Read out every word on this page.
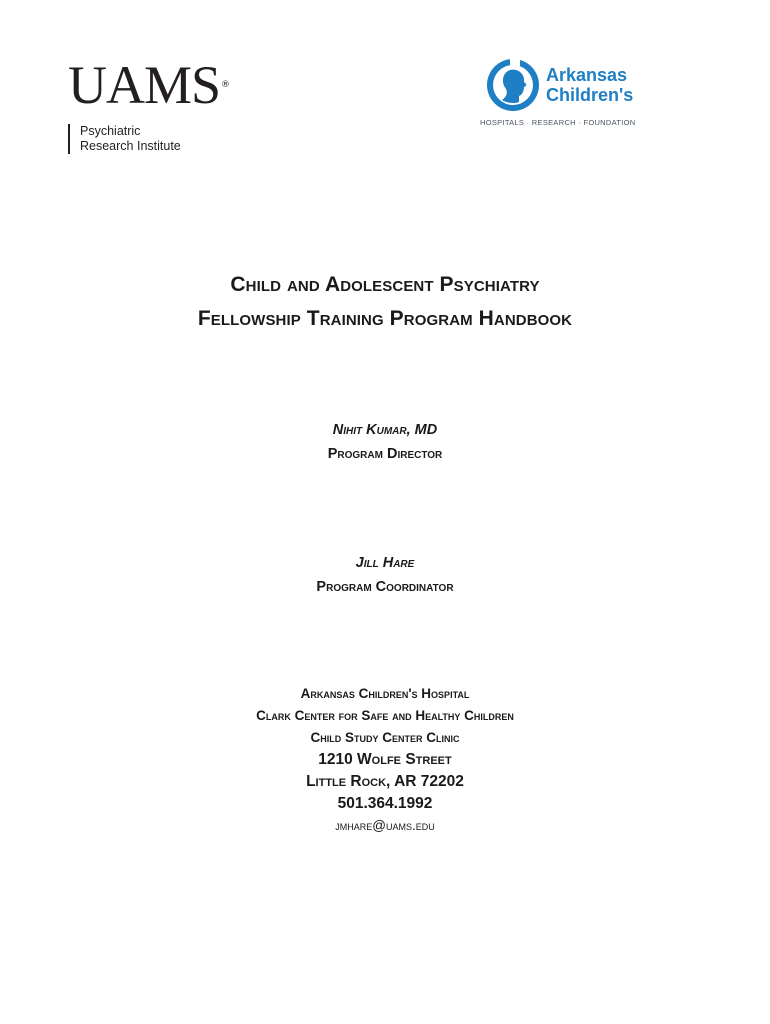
UAMS®
Psychiatric
Research Institute
Arkansas
Children's
HOSPITALS · RESEARCH · FOUNDATION
Child and Adolescent Psychiatry
Fellowship Training Program Handbook
Nihit Kumar, MD
Program Director
Jill Hare
Program Coordinator
Arkansas Children's Hospital
Clark Center for Safe and Healthy Children
Child Study Center Clinic
1210 Wolfe Street
Little Rock, AR 72202
501.364.1992
jmhare@uams.edu
